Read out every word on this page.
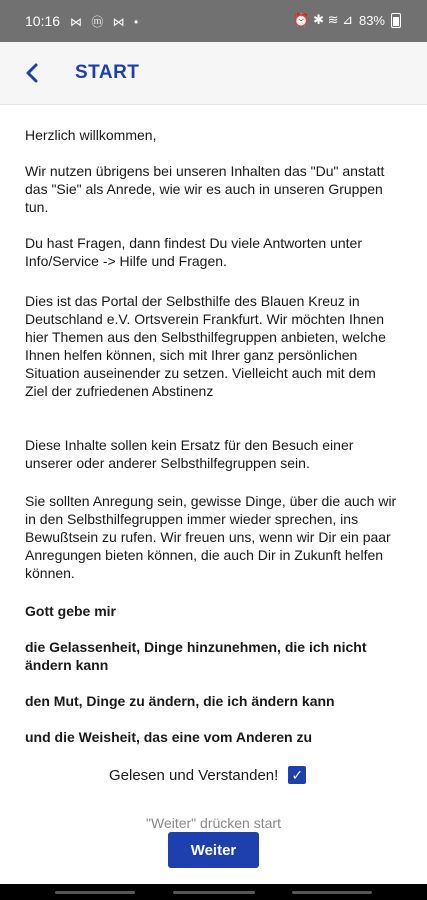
10:16 ⋈ ⓜ ⋈ •	⏰ ✱ ≋ ⊿ 83%
START

Herzlich willkommen,

Wir nutzen übrigens bei unseren Inhalten das "Du" anstatt das "Sie" als Anrede, wie wir es auch in unseren Gruppen tun.

Du hast Fragen, dann findest Du viele Antworten unter Info/Service -> Hilfe und Fragen.

Dies ist das Portal der Selbsthilfe des Blauen Kreuz in Deutschland e.V. Ortsverein Frankfurt. Wir möchten Ihnen hier Themen aus den Selbsthilfegruppen anbieten, welche Ihnen helfen können, sich mit Ihrer ganz persönlichen Situation auseinender zu setzen. Vielleicht auch mit dem Ziel der zufriedenen Abstinenz

Diese Inhalte sollen kein Ersatz für den Besuch einer unserer oder anderer Selbsthilfegruppen sein.

Sie sollten Anregung sein, gewisse Dinge, über die auch wir in den Selbsthilfegruppen immer wieder sprechen, ins Bewußtsein zu rufen. Wir freuen uns, wenn wir Dir ein paar Anregungen bieten können, die auch Dir in Zukunft helfen können.

Gott gebe mir

die Gelassenheit, Dinge hinzunehmen, die ich nicht ändern kann

den Mut, Dinge zu ändern, die ich ändern kann

und die Weisheit, das eine vom Anderen zu

Gelesen und Verstanden! ✓
"Weiter" drücken start
Weiter
